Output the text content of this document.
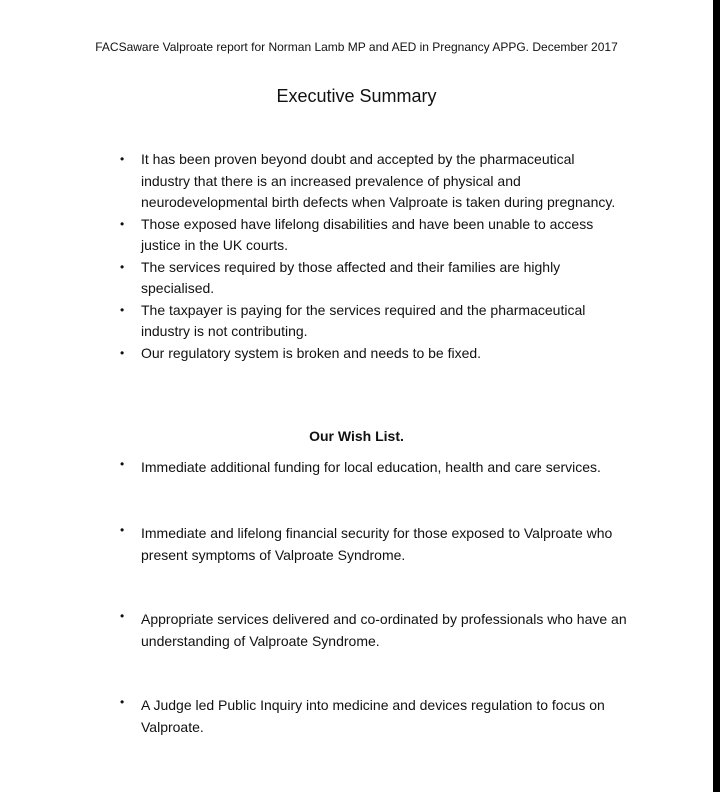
FACSaware Valproate report for Norman Lamb MP and AED in Pregnancy APPG. December 2017
Executive Summary
• It has been proven beyond doubt and accepted by the pharmaceutical industry that there is an increased prevalence of physical and neurodevelopmental birth defects when Valproate is taken during pregnancy.
• Those exposed have lifelong disabilities and have been unable to access justice in the UK courts.
• The services required by those affected and their families are highly specialised.
• The taxpayer is paying for the services required and the pharmaceutical industry is not contributing.
• Our regulatory system is broken and needs to be fixed.
Our Wish List.
•	Immediate additional funding for local education, health and care services.
•	Immediate and lifelong financial security for those exposed to Valproate who present symptoms of Valproate Syndrome.
•	Appropriate services delivered and co-ordinated by professionals who have an understanding of Valproate Syndrome.
•	A Judge led Public Inquiry into medicine and devices regulation to focus on Valproate.
